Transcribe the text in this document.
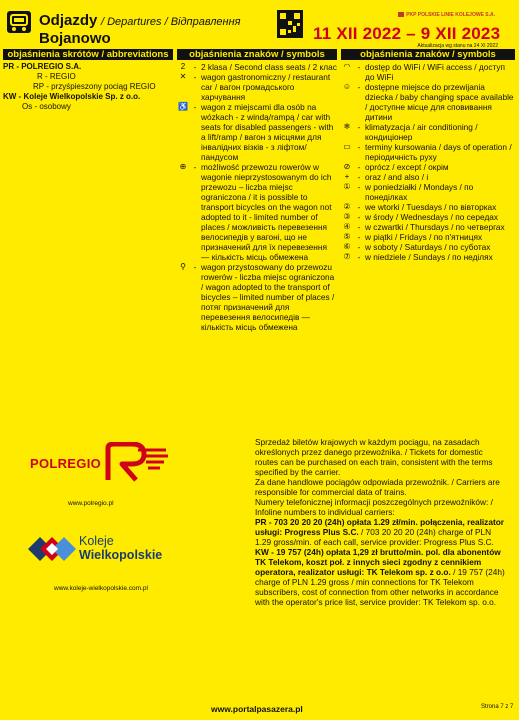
Odjazdy / Departures / Відправлення
Bojanowo
PKP POLSKIE LINIE KOLEJOWE S.A.
11 XII 2022 – 9 XII 2023
Aktualizacja wg stanu na 24 XI 2022
objaśnienia skrótów / abbreviations
PR - POLREGIO S.A.
R - REGIO
RP - przyśpieszony pociąg REGIO
KW - Koleje Wielkopolskie Sp. z o.o.
Os - osobowy
objaśnienia znaków / symbols
2	- 2 klasa / Second class seats / 2 клас
✕ - wagon gastronomiczny / restaurant car / вагон громадського харчування
♿ - wagon z miejscami dla osób na wózkach - z windą/rampą / car with seats for disabled passengers - with a lift/ramp / вагон з місцями для інвалідних візків - з ліфтом/пандусом
⊕ - możliwość przewozu rowerów w wagonie nieprzystosowanym do ich przewozu – liczba miejsc ograniczona / it is possible to transport bicycles on the wagon not adopted to it - limited number of places / можливість перевезення велосипедів у вагоні, що не призначений для їх перевезення — кількість місць обмежена
⚲ - wagon przystosowany do przewozu rowerów - liczba miejsc ograniczona / wagon adopted to the transport of bicycles – limited number of places / потяг призначений для перевезення велосипедів — кількість місць обмежена
objaśnienia znaków / symbols
◠ - dostęp do WiFi / WiFi access / доступ до WiFi
☺ - dostępne miejsce do przewijania dziecka / baby changing space available / доступне місце для сповивання дитини
❄ - klimatyzacja / air conditioning / кондиціонер
▭ - terminy kursowania / days of operation / періодичність руху
⊘ - oprócz / except / окрім
+ - oraz / and also / і
① - w poniedziałki / Mondays / по понеділках
② - we wtorki / Tuesdays / по вівторках
③ - w środy / Wednesdays / по середах
④ - w czwartki / Thursdays / по четвергах
⑤ - w piątki / Fridays / по п'ятницях
⑥ - w soboty / Saturdays / по суботах
⑦ - w niedziele / Sundays / по неділях
POLREGIO
www.polregio.pl
Koleje
Wielkopolskie
www.koleje-wielkopolskie.com.pl

Sprzedaż biletów krajowych w każdym pociągu, na zasadach określonych przez danego przewoźnika. / Tickets for domestic routes can be purchased on each train, consistent with the terms specified by the carrier.

Za dane handlowe pociągów odpowiada przewoźnik. / Carriers are responsible for commercial data of trains.

Numery telefonicznej informacji poszczególnych przewoźników: / Infoline numbers to individual carriers:

PR - 703 20 20 20 (24h) opłata 1.29 zł/min. połączenia, realizator usługi: Progress Plus S.C. / 703 20 20 20 (24h) charge of PLN 1.29 gross/min. of each call, service provider: Progress Plus S.C.

KW - 19 757 (24h) opłata 1,29 zł brutto/min. pol. dla abonentów TK Telekom, koszt poł. z innych sieci zgodny z cennikiem operatora, realizator usługi: TK Telekom sp. z o.o. / 19 757 (24h) charge of PLN 1.29 gross / min connections for TK Telekom subscribers, cost of connection from other networks in accordance with the operator's price list, service provider: TK Telekom sp. o.o.

www.portalpasazera.pl	Strona 7 z 7
